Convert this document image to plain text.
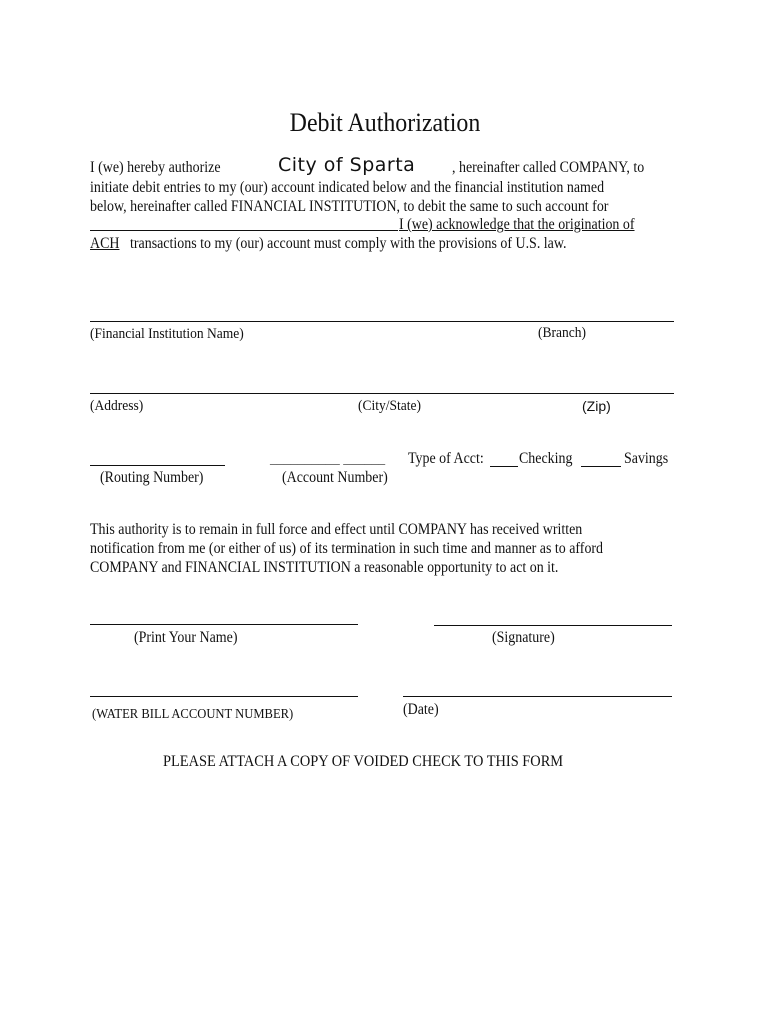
Debit Authorization
I (we) hereby authorize	City of Sparta , hereinafter called COMPANY, to
initiate debit entries to my (our) account indicated below and the financial institution named
below, hereinafter called FINANCIAL INSTITUTION, to debit the same to such account for
I (we) acknowledge that the origination of
ACH transactions to my (our) account must comply with the provisions of U.S. law.
(Financial Institution Name)	(Branch)
(Address)	(City/State)	(Zip)
__________ ______ Type of Acct: Checking	Savings
(Routing Number)	(Account Number)
This authority is to remain in full force and effect until COMPANY has received written
notification from me (or either of us) of its termination in such time and manner as to afford
COMPANY and FINANCIAL INSTITUTION a reasonable opportunity to act on it.
(Print Your Name)	(Signature)
(WATER BILL ACCOUNT NUMBER)	(Date)
PLEASE ATTACH A COPY OF VOIDED CHECK TO THIS FORM
